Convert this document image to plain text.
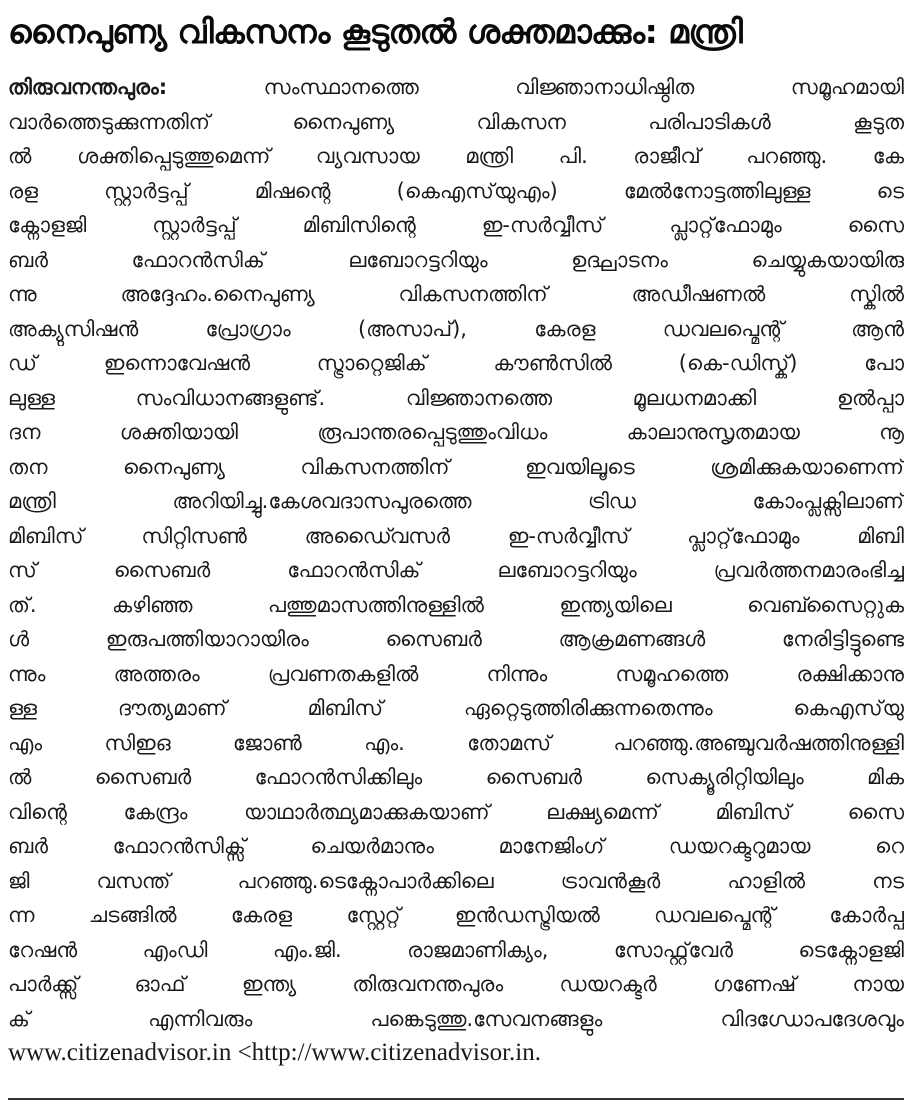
നൈപുണ്യ വികസനം കൂടുതൽ ശക്തമാക്കും: മന്ത്രി
തിരുവനന്തപുരം: സംസ്ഥാനത്തെ വിജ്ഞാനാധിഷ്ഠിത സമൂഹമായി
വാർത്തെടുക്കുന്നതിന് നൈപുണ്യ വികസന പരിപാടികൾ കൂടുത
ൽ ശക്തിപ്പെടുത്തുമെന്ന് വ്യവസായ മന്ത്രി പി. രാജീവ് പറഞ്ഞു. കേ
രള സ്റ്റാർട്ടപ്പ് മിഷന്റെ (കെഎസ്‌യുഎം) മേൽനോട്ടത്തിലുള്ള ടെ
ക്നോളജി സ്റ്റാർട്ടപ്പ് മിബിസിന്റെ ഇ-സർവ്വീസ് പ്ലാറ്റ്‌ഫോമും സൈ
ബർ ഫോറൻസിക് ലബോറട്ടറിയും ഉദ്ഘാടനം ചെയ്യുകയായിരു
ന്നു അദ്ദേഹം.നൈപുണ്യ വികസനത്തിന് അഡീഷണൽ സ്കിൽ
അക്യുസിഷൻ പ്രോഗ്രാം (അസാപ്), കേരള ഡവലപ്മെന്റ് ആൻ
ഡ് ഇന്നൊവേഷൻ സ്ട്രാറ്റെജിക് കൗൺസിൽ (കെ-ഡിസ്ക്) പോ
ലുള്ള സംവിധാനങ്ങളുണ്ട്. വിജ്ഞാനത്തെ മൂലധനമാക്കി ഉൽപ്പാ
ദന ശക്തിയായി രൂപാന്തരപ്പെടുത്തുംവിധം കാലാനുസൃതമായ നൂ
തന നൈപുണ്യ വികസനത്തിന് ഇവയിലൂടെ ശ്രമിക്കുകയാണെന്ന്
മന്ത്രി അറിയിച്ചു.കേശവദാസപുരത്തെ ട്രിഡ കോംപ്ലക്സിലാണ്
മിബിസ് സിറ്റിസൺ അഡൈ്വസർ ഇ-സർവ്വീസ് പ്ലാറ്റ്‌ഫോമും മിബി
സ് സൈബർ ഫോറൻസിക് ലബോറട്ടറിയും പ്രവർത്തനമാരംഭിച്ച
ത്. കഴിഞ്ഞ പത്തുമാസത്തിനുള്ളിൽ ഇന്ത്യയിലെ വെബ്സൈറ്റുക
ൾ ഇരുപത്തിയാറായിരം സൈബർ ആക്രമണങ്ങൾ നേരിട്ടിട്ടുണ്ടെ
ന്നും അത്തരം പ്രവണതകളിൽ നിന്നും സമൂഹത്തെ രക്ഷിക്കാനു
ള്ള ദൗത്യമാണ് മിബിസ് ഏറ്റെടുത്തിരിക്കുന്നതെന്നും കെഎസ്‌യു
എം സിഇഒ ജോൺ എം. തോമസ് പറഞ്ഞു.അഞ്ചുവർഷത്തിനുള്ളി
ൽ സൈബർ ഫോറൻസിക്കിലും സൈബർ സെക്യൂരിറ്റിയിലും മിക
വിന്റെ കേന്ദ്രം യാഥാർത്ഥ്യമാക്കുകയാണ് ലക്ഷ്യമെന്ന് മിബിസ് സൈ
ബർ ഫോറൻസിക്സ് ചെയർമാനും മാനേജിംഗ് ഡയറക്ടറുമായ റെ
ജി വസന്ത് പറഞ്ഞു.ടെക്നോപാർക്കിലെ ട്രാവൻകൂർ ഹാളിൽ നട
ന്ന ചടങ്ങിൽ കേരള സ്റ്റേറ്റ് ഇൻഡസ്ട്രിയൽ ഡവലപ്മെന്റ് കോർപ്പ
റേഷൻ എംഡി എം.ജി. രാജമാണിക്യം, സോഫ്റ്റ്‌വേർ ടെക്നോളജി
പാർക്ക്സ് ഓഫ് ഇന്ത്യ തിരുവനന്തപുരം ഡയറക്ടർ ഗണേഷ് നായ
ക് എന്നിവരും പങ്കെടുത്തു.സേവനങ്ങളും വിദഗ്ധോപദേശവും
www.citizenadvisor.in <http://www.citizenadvisor.in.
